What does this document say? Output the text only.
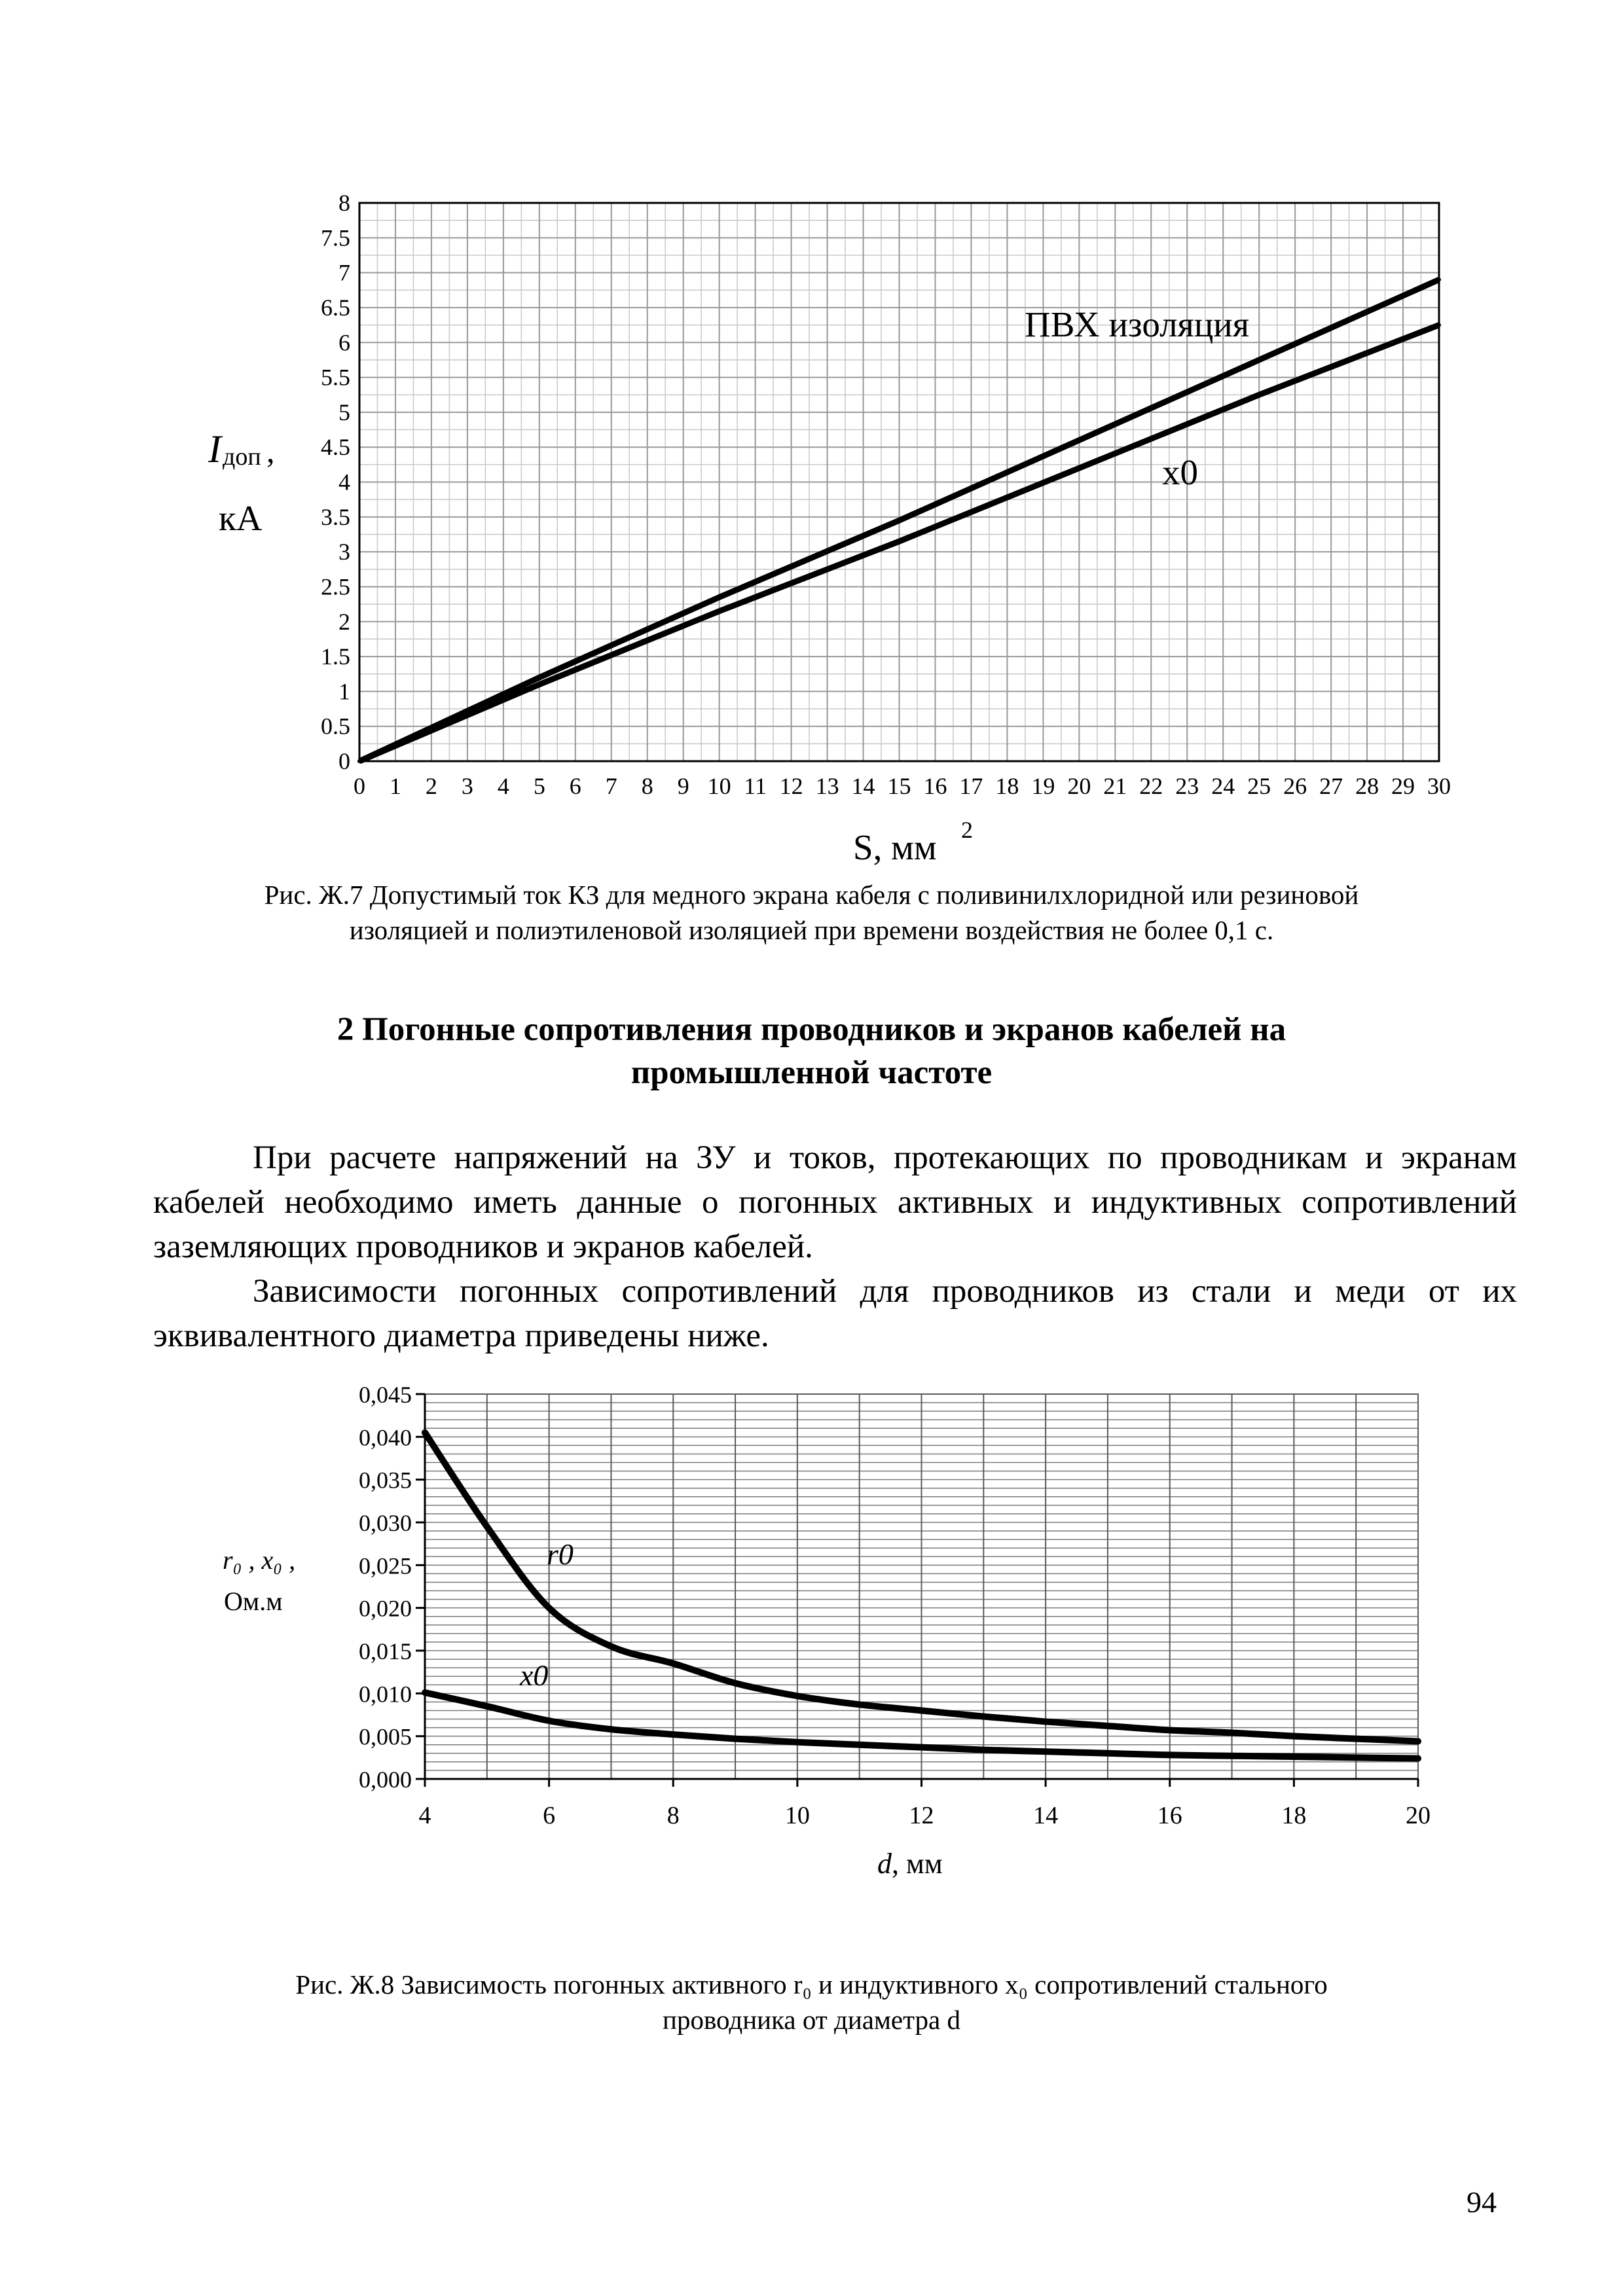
0 1 2 3 4 5 6 7 8 9 10 11 12 13 14 15 16 17 18 19 20 21 22 23 24 25 26 27 28 29 30
0
0.5
1
1.5
2
2.5
3
3.5
4
4.5
5
5.5
6
6.5
7
7.5
8
ПВХ изоляция
x0
I доп ,
кА
S, мм 2
Рис. Ж.7 Допустимый ток КЗ для медного экрана кабеля с поливинилхлоридной или резиновой
изоляцией и полиэтиленовой изоляцией при времени воздействия не более 0,1 с.
2 Погонные сопротивления проводников и экранов кабелей на
промышленной частоте

При расчете напряжений на ЗУ и токов, протекающих по проводникам и экранам кабелей необходимо иметь данные о погонных активных и индуктивных сопротивлений заземляющих проводников и экранов кабелей.

Зависимости погонных сопротивлений для проводников из стали и меди от их эквивалентного диаметра приведены ниже.

4	6	8	10	12	14	16	18	20
0,000
0,005
0,010
0,015
0,020
0,025
0,030
0,035
0,040
0,045
r0
x0
r₀ , x₀ ,
Ом.м
d , мм
Рис. Ж.8 Зависимость погонных активного r₀ и индуктивного x₀ сопротивлений стального
проводника от диаметра d
94
